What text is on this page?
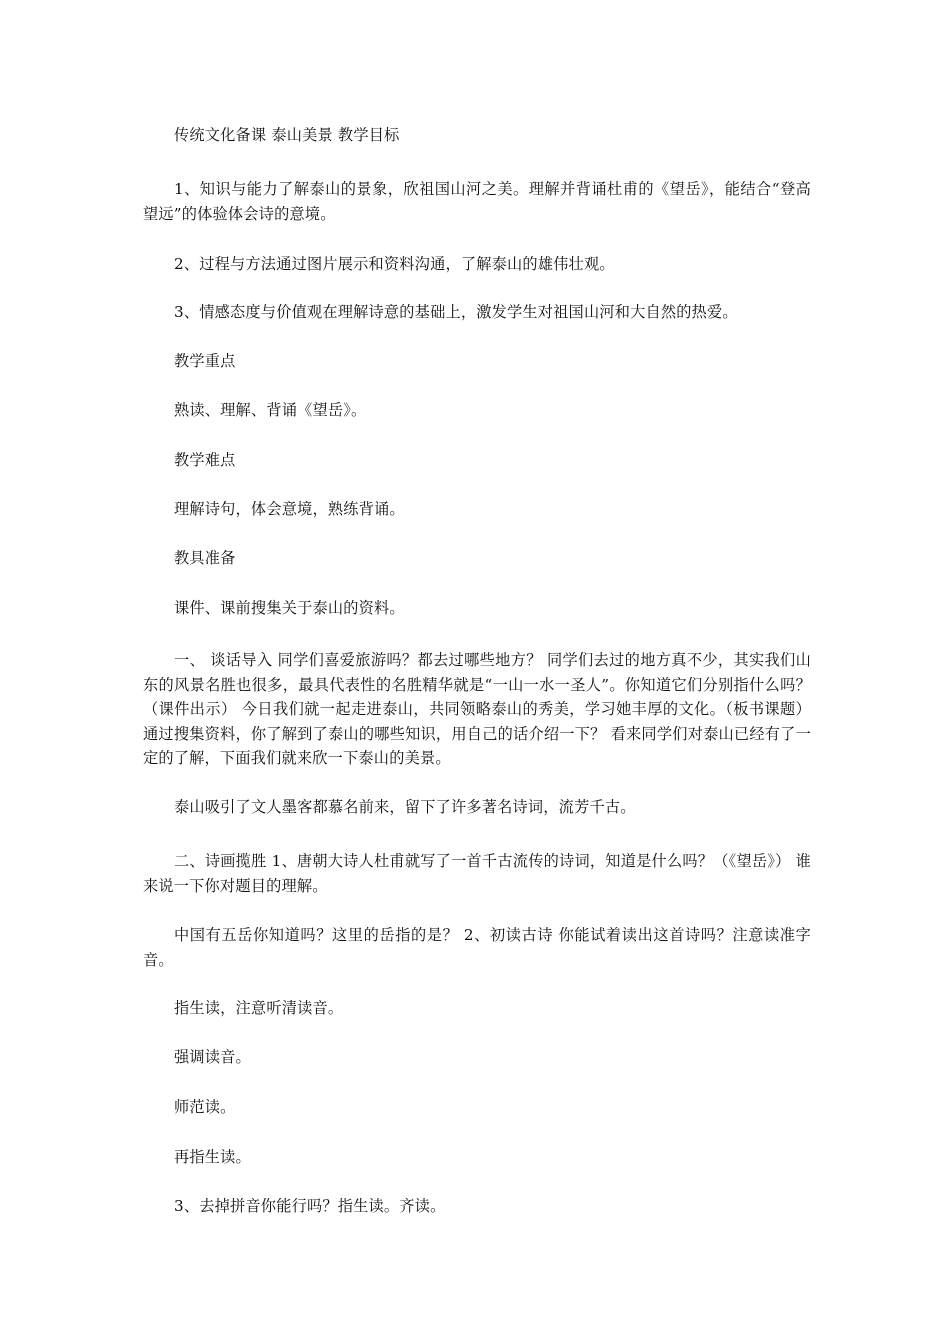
传统文化备课 泰山美景 教学目标

1、知识与能力了解泰山的景象，欣祖国山河之美。理解并背诵杜甫的《望岳》，能结合“登高望远”的体验体会诗的意境。

2、过程与方法通过图片展示和资料沟通，了解泰山的雄伟壮观。

3、情感态度与价值观在理解诗意的基础上，激发学生对祖国山河和大自然的热爱。

教学重点

熟读、理解、背诵《望岳》。

教学难点

理解诗句，体会意境，熟练背诵。

教具准备

课件、课前搜集关于泰山的资料。

一、 谈话导入 同学们喜爱旅游吗？都去过哪些地方？ 同学们去过的地方真不少，其实我们山东的风景名胜也很多，最具代表性的名胜精华就是“一山一水一圣人”。你知道它们分别指什么吗？（课件出示） 今日我们就一起走进泰山，共同领略泰山的秀美，学习她丰厚的文化。（板书课题） 通过搜集资料，你了解到了泰山的哪些知识，用自己的话介绍一下？ 看来同学们对泰山已经有了一定的了解，下面我们就来欣一下泰山的美景。

泰山吸引了文人墨客都慕名前来，留下了许多著名诗词，流芳千古。

二、诗画揽胜 1、唐朝大诗人杜甫就写了一首千古流传的诗词，知道是什么吗？（《望岳》） 谁来说一下你对题目的理解。

中国有五岳你知道吗？这里的岳指的是？ 2、初读古诗 你能试着读出这首诗吗？注意读准字音。

指生读，注意听清读音。

强调读音。

师范读。

再指生读。

3、去掉拼音你能行吗？指生读。齐读。
